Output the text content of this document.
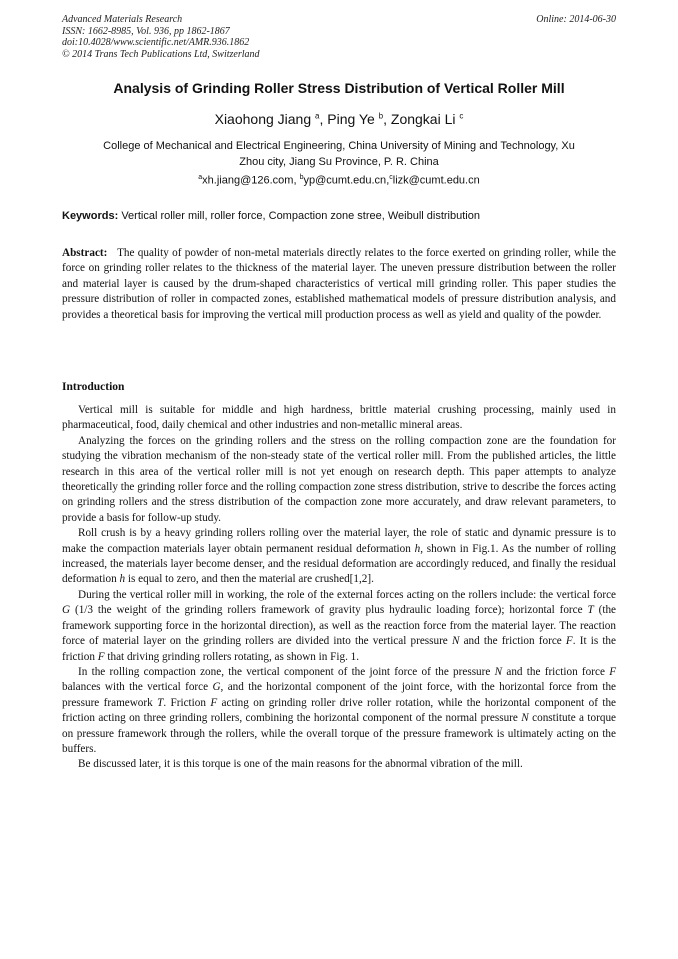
Advanced Materials Research
ISSN: 1662-8985, Vol. 936, pp 1862-1867
doi:10.4028/www.scientific.net/AMR.936.1862
© 2014 Trans Tech Publications Ltd, Switzerland
Online: 2014-06-30
Analysis of Grinding Roller Stress Distribution of Vertical Roller Mill
Xiaohong Jiang $^a$, Ping Ye $^b$, Zongkai Li $^c$
College of Mechanical and Electrical Engineering, China University of Mining and Technology, Xu
Zhou city, Jiang Su Province, P. R. China
$^a$xh.jiang@126.com, $^b$yp@cumt.edu.cn,$^c$lizk@cumt.edu.cn
Keywords: Vertical roller mill, roller force, Compaction zone stree, Weibull distribution

Abstract: The quality of powder of non-metal materials directly relates to the force exerted on grinding roller, while the force on grinding roller relates to the thickness of the material layer. The uneven pressure distribution between the roller and material layer is caused by the drum-shaped characteristics of vertical mill grinding roller. This paper studies the pressure distribution of roller in compacted zones, established mathematical models of pressure distribution analysis, and provides a theoretical basis for improving the vertical mill production process as well as yield and quality of the powder.

Introduction

Vertical mill is suitable for middle and high hardness, brittle material crushing processing, mainly used in pharmaceutical, food, daily chemical and other industries and non-metallic mineral areas.

Analyzing the forces on the grinding rollers and the stress on the rolling compaction zone are the foundation for studying the vibration mechanism of the non-steady state of the vertical roller mill. From the published articles, the little research in this area of the vertical roller mill is not yet enough on research depth. This paper attempts to analyze theoretically the grinding roller force and the rolling compaction zone stress distribution, strive to describe the forces acting on grinding rollers and the stress distribution of the compaction zone more accurately, and draw relevant parameters, to provide a basis for follow-up study.

Roll crush is by a heavy grinding rollers rolling over the material layer, the role of static and dynamic pressure is to make the compaction materials layer obtain permanent residual deformation h, shown in Fig.1. As the number of rolling increased, the materials layer become denser, and the residual deformation are accordingly reduced, and finally the residual deformation h is equal to zero, and then the material are crushed[1,2].

During the vertical roller mill in working, the role of the external forces acting on the rollers include: the vertical force G (1/3 the weight of the grinding rollers framework of gravity plus hydraulic loading force); horizontal force T (the framework supporting force in the horizontal direction), as well as the reaction force from the material layer. The reaction force of material layer on the grinding rollers are divided into the vertical pressure N and the friction force F. It is the friction F that driving grinding rollers rotating, as shown in Fig. 1.

In the rolling compaction zone, the vertical component of the joint force of the pressure N and the friction force F balances with the vertical force G, and the horizontal component of the joint force, with the horizontal force from the pressure framework T. Friction F acting on grinding roller drive roller rotation, while the horizontal component of the friction acting on three grinding rollers, combining the horizontal component of the normal pressure N constitute a torque on pressure framework through the rollers, while the overall torque of the pressure framework is ultimately acting on the buffers.

Be discussed later, it is this torque is one of the main reasons for the abnormal vibration of the mill.
